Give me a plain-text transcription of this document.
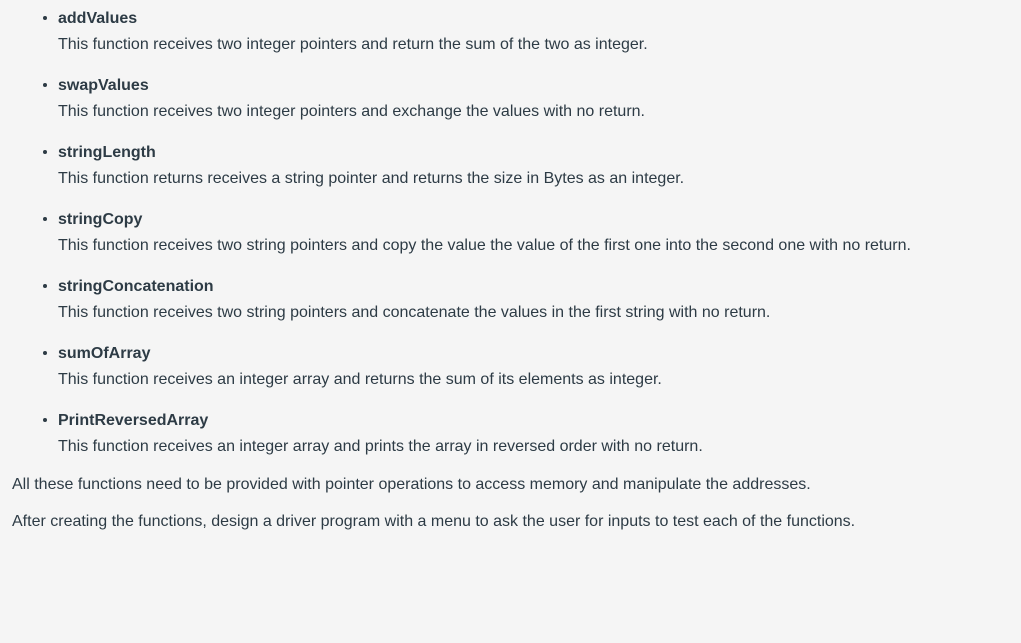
addValues
This function receives two integer pointers and return the sum of the two as integer.
swapValues
This function receives two integer pointers and exchange the values with no return.
stringLength
This function returns receives a string pointer and returns the size in Bytes as an integer.
stringCopy
This function receives two string pointers and copy the value the value of the first one into the second one with no return.
stringConcatenation
This function receives two string pointers and concatenate the values in the first string with no return.
sumOfArray
This function receives an integer array and returns the sum of its elements as integer.
PrintReversedArray
This function receives an integer array and prints the array in reversed order with no return.

All these functions need to be provided with pointer operations to access memory and manipulate the addresses.

After creating the functions, design a driver program with a menu to ask the user for inputs to test each of the functions.
